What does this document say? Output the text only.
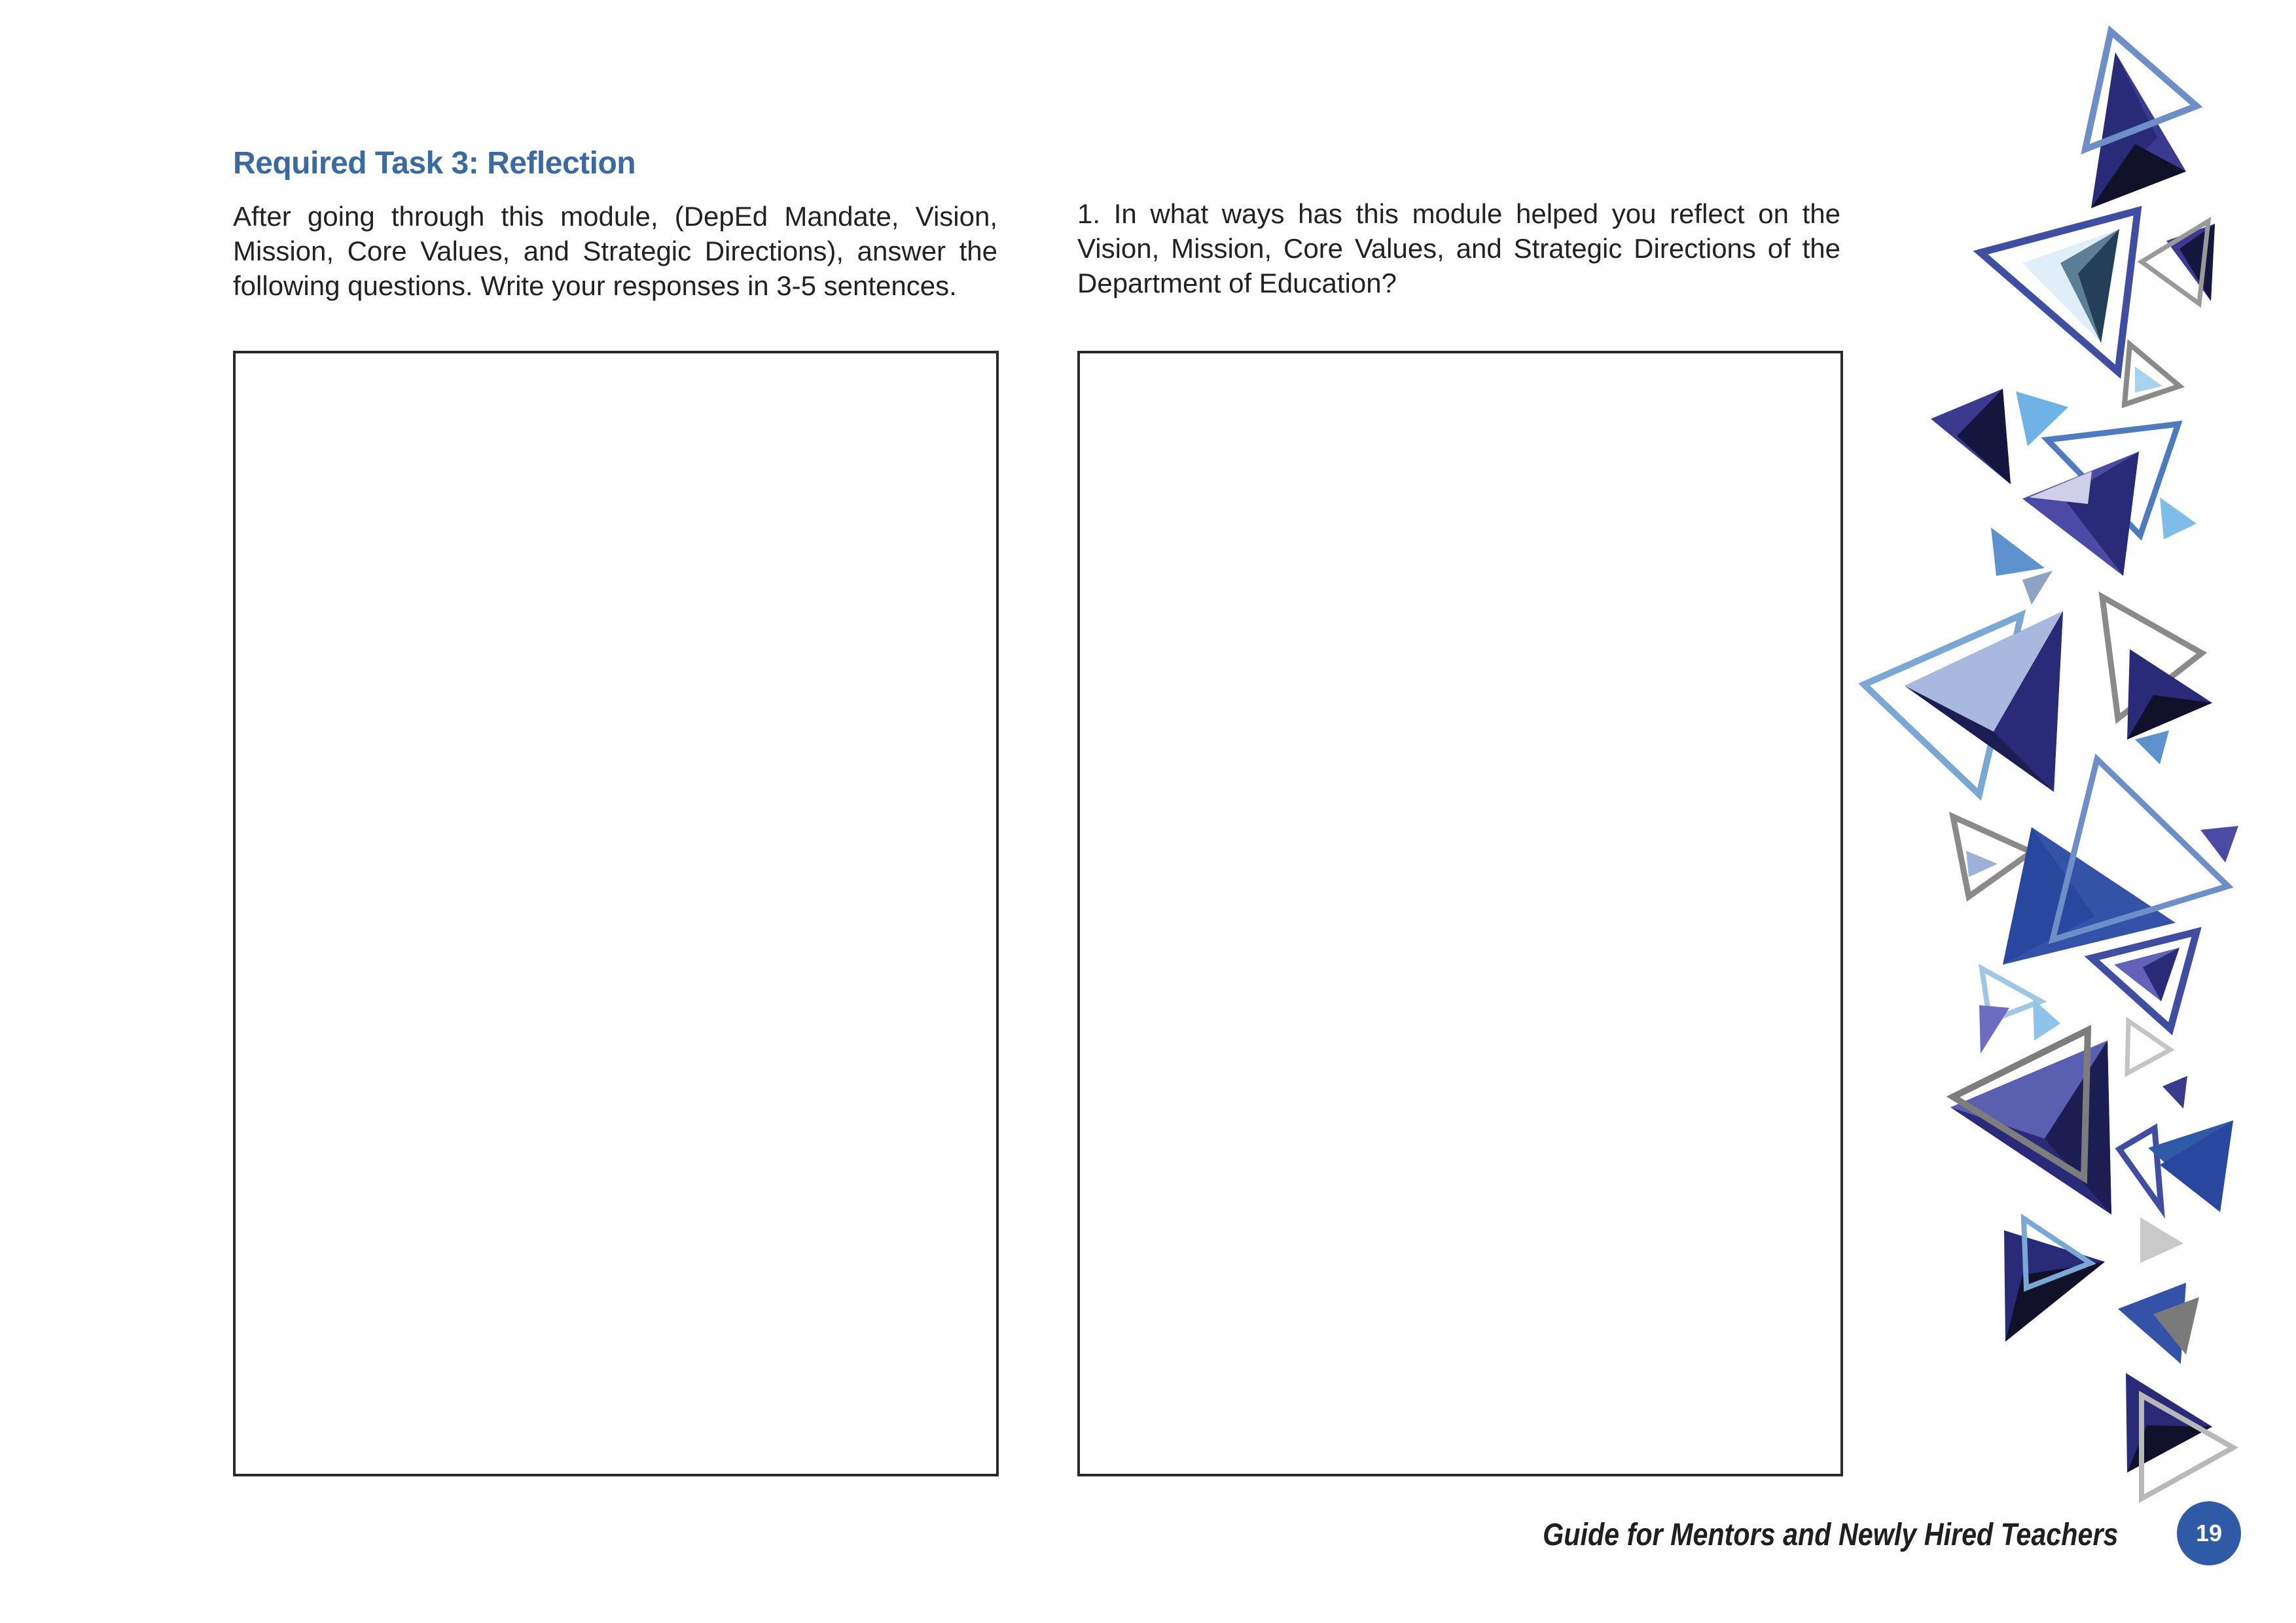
Required Task 3: Reflection
After going through this module, (DepEd Mandate, Vision, Mission, Core Values, and Strategic Directions), answer the following questions. Write your responses in 3-5 sentences.
1. In what ways has this module helped you reflect on the Vision, Mission, Core Values, and Strategic Directions of the Department of Education?
Guide for Mentors and Newly Hired Teachers	19
